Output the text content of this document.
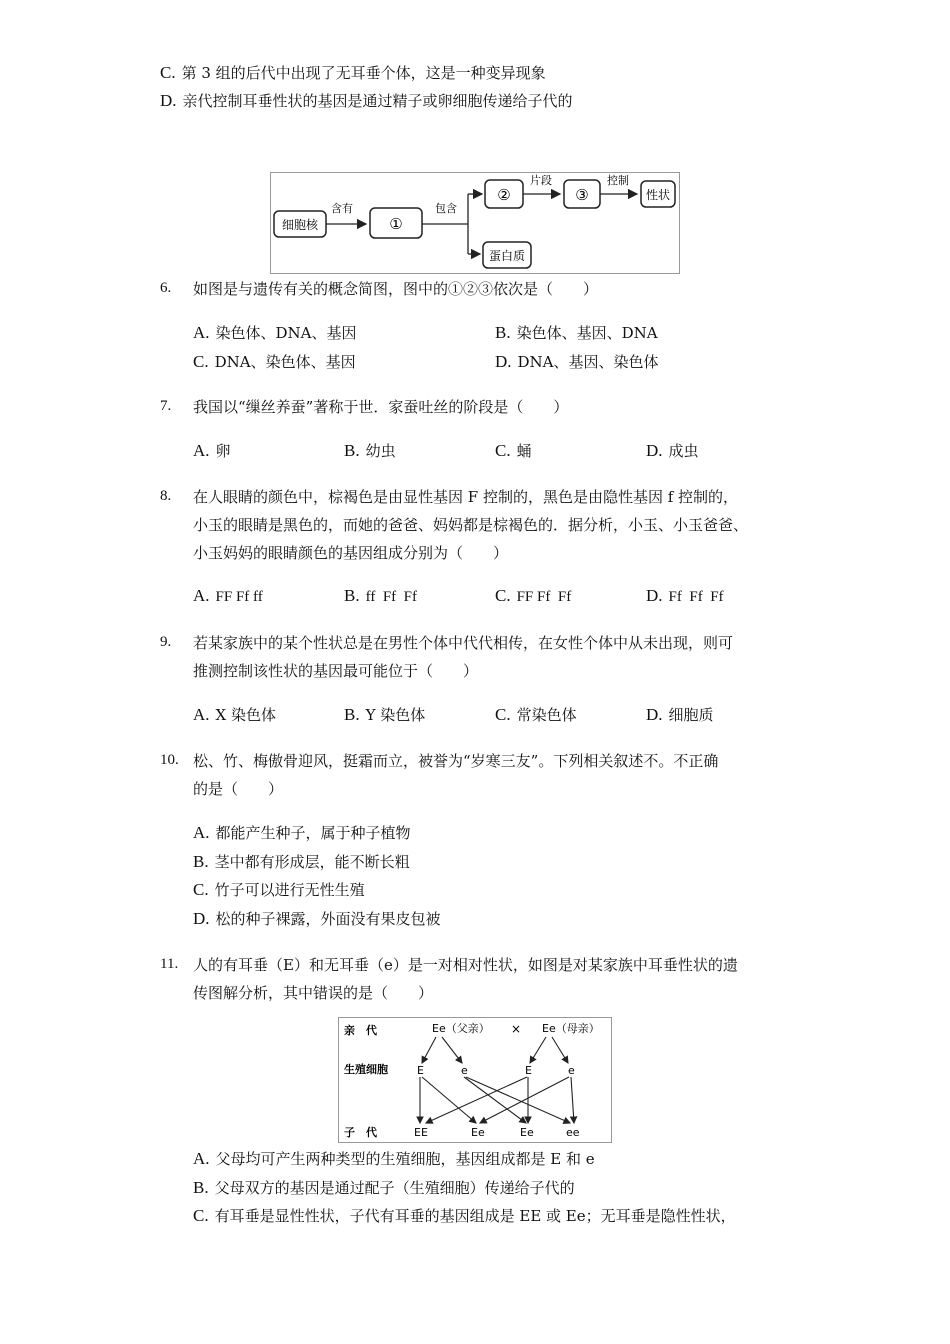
C. 第 3 组的后代中出现了无耳垂个体，这是一种变异现象
D. 亲代控制耳垂性状的基因是通过精子或卵细胞传递给子代的
细胞核
含有
①
包含
②
片段
③
控制
性状
蛋白质
6. 如图是与遗传有关的概念简图，图中的①②③依次是（　　）
A. 染色体、DNA、基因	B. 染色体、基因、DNA
C. DNA、染色体、基因	D. DNA、基因、染色体
7. 我国以“缫丝养蚕”著称于世．家蚕吐丝的阶段是（　　）
A. 卵	B. 幼虫	C. 蛹	D. 成虫
8. 在人眼睛的颜色中，棕褐色是由显性基因 F 控制的，黑色是由隐性基因 f 控制的，
小玉的眼睛是黑色的，而她的爸爸、妈妈都是棕褐色的．据分析，小玉、小玉爸爸、
小玉妈妈的眼睛颜色的基因组成分别为（　　）
A. FF Ff ff	B. ff  Ff  Ff	C. FF Ff  Ff	D. Ff  Ff  Ff
9. 若某家族中的某个性状总是在男性个体中代代相传，在女性个体中从未出现，则可
推测控制该性状的基因最可能位于（　　）
A. X 染色体	B. Y 染色体	C. 常染色体	D. 细胞质
10. 松、竹、梅傲骨迎风，挺霜而立，被誉为“岁寒三友”。下列相关叙述不。不正确
的是（　　）
A. 都能产生种子，属于种子植物
B. 茎中都有形成层，能不断长粗
C. 竹子可以进行无性生殖
D. 松的种子裸露，外面没有果皮包被
11. 人的有耳垂（E）和无耳垂（e）是一对相对性状，如图是对某家族中耳垂性状的遗
传图解分析，其中错误的是（　　）
亲　代
生殖细胞
子　代
Ee（父亲） × Ee（母亲）
E	e	E	e
EE	Ee	Ee	ee
A. 父母均可产生两种类型的生殖细胞，基因组成都是 E 和 e
B. 父母双方的基因是通过配子（生殖细胞）传递给子代的
C. 有耳垂是显性性状，子代有耳垂的基因组成是 EE 或 Ee；无耳垂是隐性性状，
